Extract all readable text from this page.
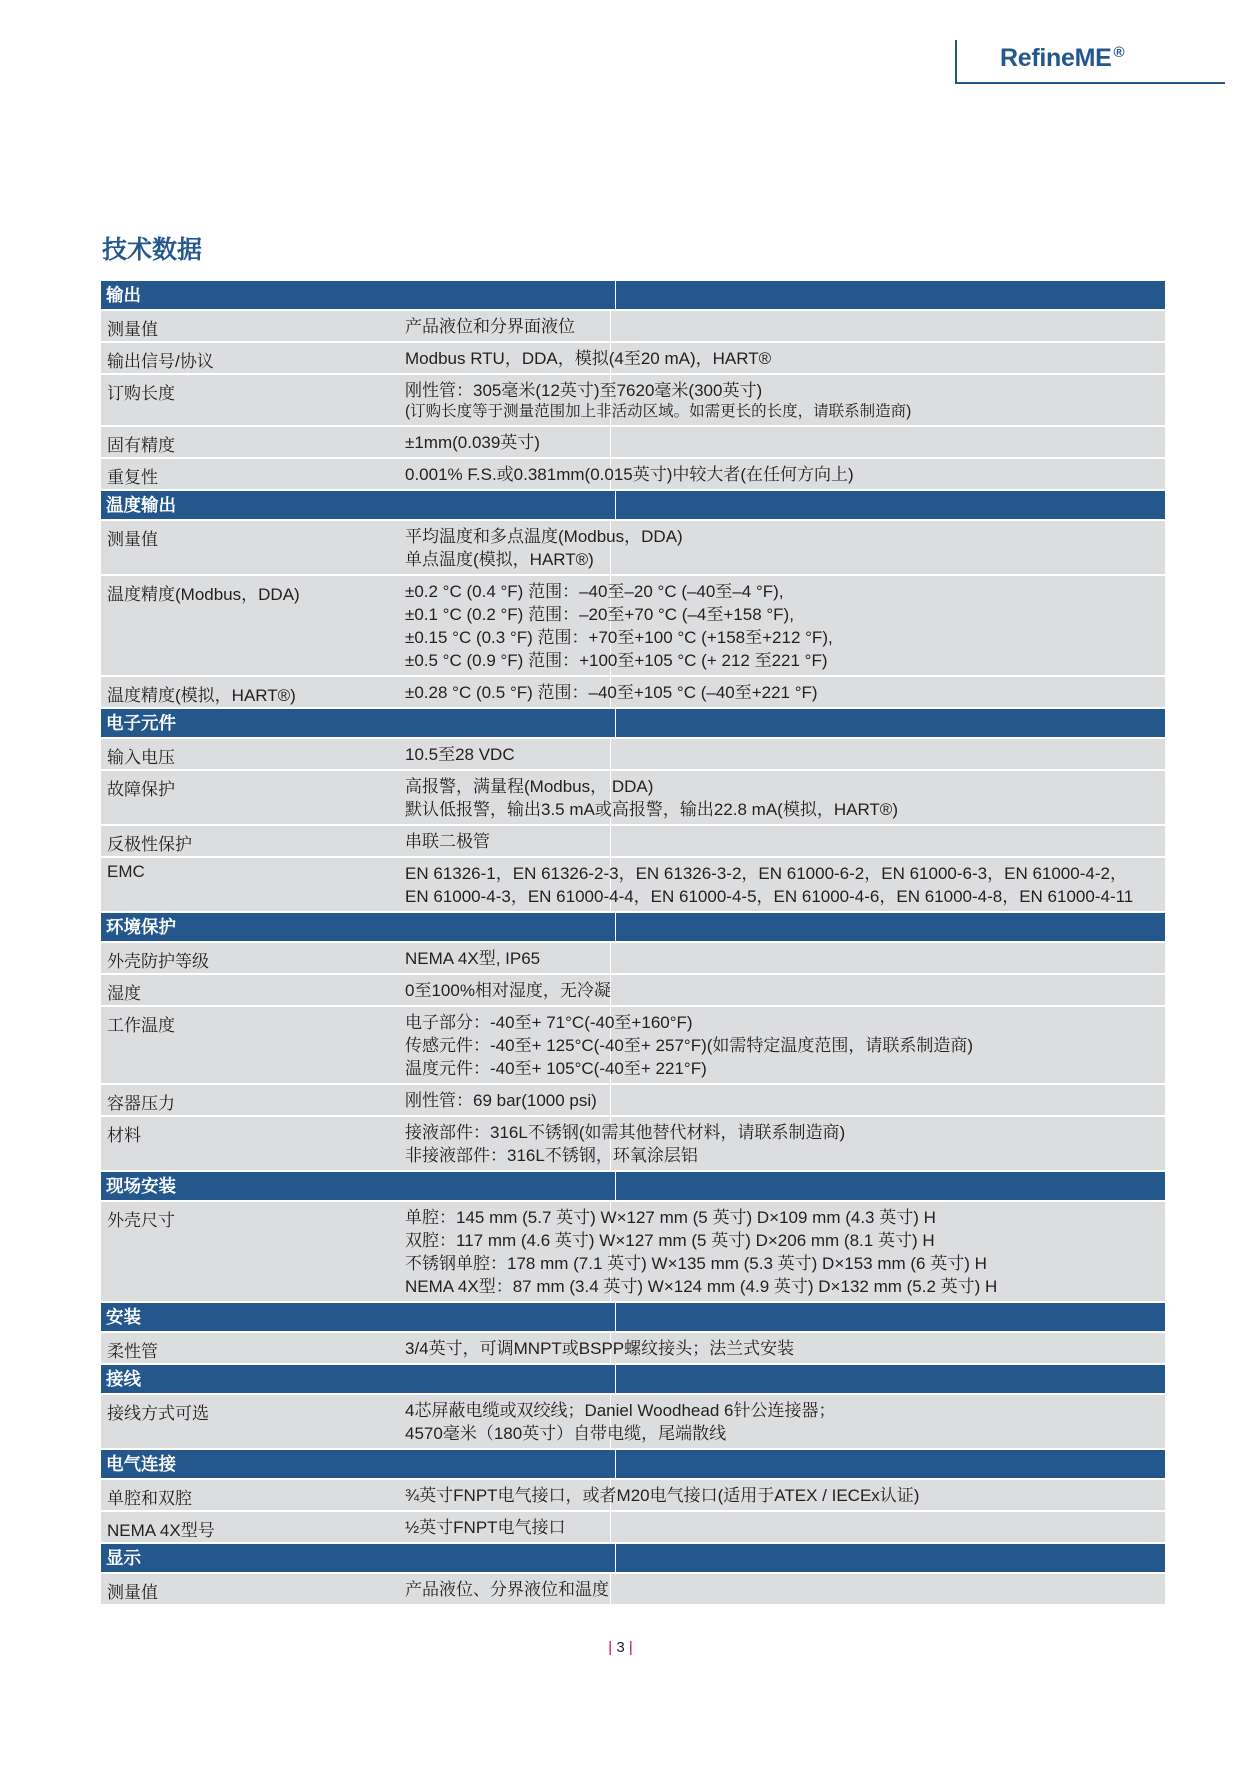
RefineME ®
技术数据
输出
测量值	产品液位和分界面液位
输出信号/协议	Modbus RTU，DDA，模拟(4至20 mA)，HART®
订购长度	刚性管：305毫米(12英寸)至7620毫米(300英寸)
(订购长度等于测量范围加上非活动区域。如需更长的长度，请联系制造商)
固有精度	±1mm(0.039英寸)
重复性	0.001% F.S.或0.381mm(0.015英寸)中较大者(在任何方向上)
温度输出
测量值	平均温度和多点温度(Modbus，DDA)
单点温度(模拟，HART®)
温度精度(Modbus，DDA)	±0.2 °C (0.4 °F) 范围：–40至–20 °C (–40至–4 °F),
±0.1 °C (0.2 °F) 范围：–20至+70 °C (–4至+158 °F),
±0.15 °C (0.3 °F) 范围：+70至+100 °C (+158至+212 °F),
±0.5 °C (0.9 °F) 范围：+100至+105 °C (+ 212 至221 °F)
温度精度(模拟，HART®)	±0.28 °C (0.5 °F) 范围：–40至+105 °C (–40至+221 °F)
电子元件
输入电压	10.5至28 VDC
故障保护	高报警，满量程(Modbus， DDA)
默认低报警，输出3.5 mA或高报警，输出22.8 mA(模拟，HART®)
反极性保护	串联二极管
EMC	EN 61326-1，EN 61326-2-3，EN 61326-3-2，EN 61000-6-2，EN 61000-6-3，EN 61000-4-2，
EN 61000-4-3，EN 61000-4-4，EN 61000-4-5，EN 61000-4-6，EN 61000-4-8，EN 61000-4-11
环境保护
外壳防护等级	NEMA 4X型, IP65
湿度	0至100%相对湿度，无冷凝
工作温度	电子部分：-40至+ 71°C(-40至+160°F)
传感元件：-40至+ 125°C(-40至+ 257°F)(如需特定温度范围，请联系制造商)
温度元件：-40至+ 105°C(-40至+ 221°F)
容器压力	刚性管：69 bar(1000 psi)
材料	接液部件：316L不锈钢(如需其他替代材料，请联系制造商)
非接液部件：316L不锈钢，环氧涂层铝
现场安装
外壳尺寸	单腔：145 mm (5.7 英寸) W×127 mm (5 英寸) D×109 mm (4.3 英寸) H
双腔：117 mm (4.6 英寸) W×127 mm (5 英寸) D×206 mm (8.1 英寸) H
不锈钢单腔：178 mm (7.1 英寸) W×135 mm (5.3 英寸) D×153 mm (6 英寸) H
NEMA 4X型：87 mm (3.4 英寸) W×124 mm (4.9 英寸) D×132 mm (5.2 英寸) H
安装
柔性管	3/4英寸，可调MNPT或BSPP螺纹接头；法兰式安装
接线
接线方式可选	4芯屏蔽电缆或双绞线；Daniel Woodhead 6针公连接器；
4570毫米（180英寸）自带电缆，尾端散线
电气连接
单腔和双腔	¾英寸FNPT电气接口，或者M20电气接口(适用于ATEX / IECEx认证)
NEMA 4X型号	½英寸FNPT电气接口
显示
测量值	产品液位、分界液位和温度
| 3 |
